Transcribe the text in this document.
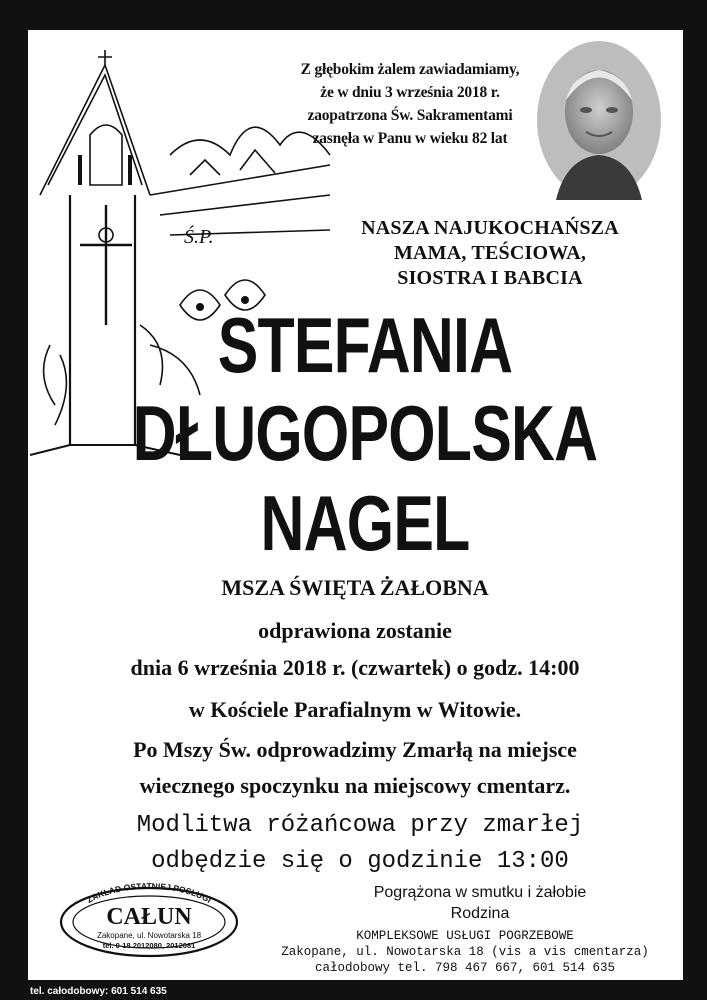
Z głębokim żalem zawiadamiamy,
że w dniu 3 września 2018 r.
zaopatrzona Św. Sakramentami
zasnęła w Panu w wieku 82 lat
Ś.P.	NASZA NAJUKOCHAŃSZA
MAMA, TEŚCIOWA,
SIOSTRA I BABCIA
STEFANIA
DŁUGOPOLSKA
NAGEL
MSZA ŚWIĘTA ŻAŁOBNA
odprawiona zostanie
dnia 6 września 2018 r. (czwartek) o godz. 14:00
w Kościele Parafialnym w Witowie.
Po Mszy Św. odprowadzimy Zmarłą na miejsce
wiecznego spoczynku na miejscowy cmentarz.
Modlitwa różańcowa przy zmarłej
odbędzie się o godzinie 13:00
ZAKŁAD OSTATNIEJ POSŁUGI
CAŁUN
Zakopane, ul. Nowotarska 18
tel. 0-18 2012080, 2012081
Pogrążona w smutku i żałobie
Rodzina
KOMPLEKSOWE USŁUGI POGRZEBOWE
Zakopane, ul. Nowotarska 18 (vis a vis cmentarza)
całodobowy tel. 798 467 667, 601 514 635
tel. całodobowy: 601 514 635
